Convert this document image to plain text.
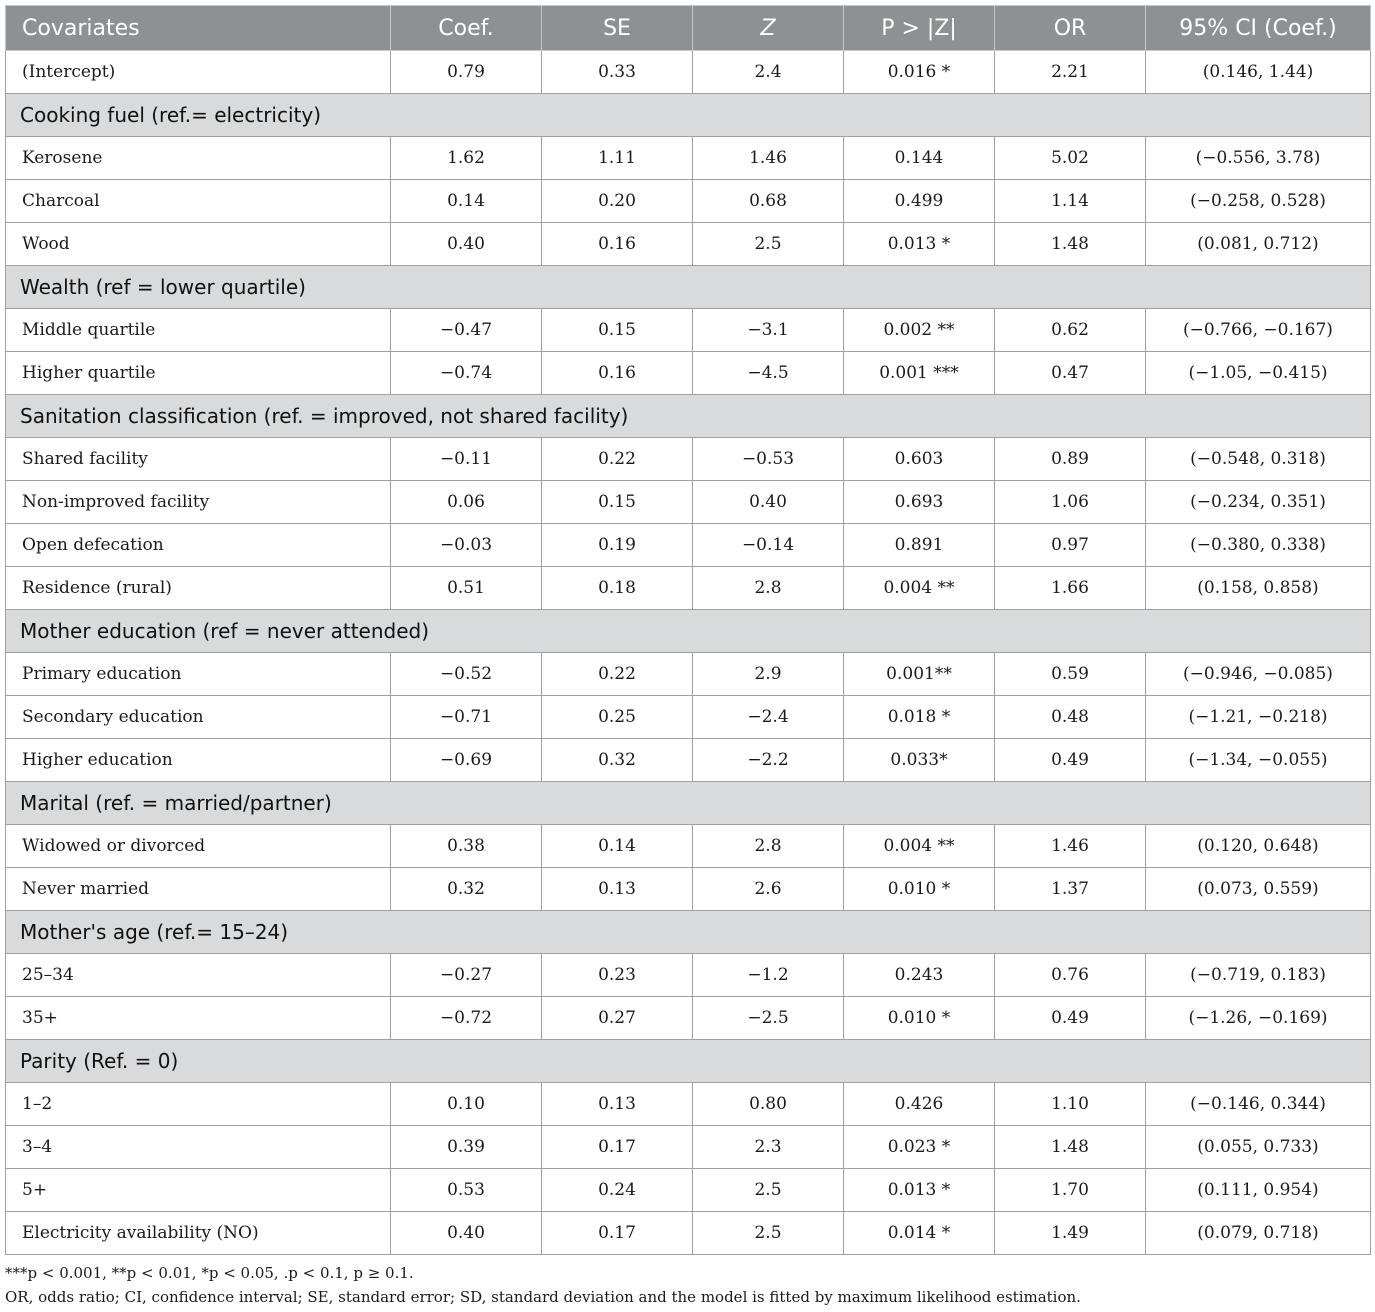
Covariates	Coef.	SE	Z	P > |Z|	OR	95% CI (Coef.)
(Intercept)	0.79	0.33	2.4	0.016 *	2.21	(0.146, 1.44)
Cooking fuel (ref.= electricity)						
Kerosene	1.62	1.11	1.46	0.144	5.02	(−0.556, 3.78)
Charcoal	0.14	0.20	0.68	0.499	1.14	(−0.258, 0.528)
Wood	0.40	0.16	2.5	0.013 *	1.48	(0.081, 0.712)
Wealth (ref = lower quartile)						
Middle quartile	−0.47	0.15	−3.1	0.002 **	0.62	(−0.766, −0.167)
Higher quartile	−0.74	0.16	−4.5	0.001 ***	0.47	(−1.05, −0.415)
Sanitation classification (ref. = improved, not shared facility)						
Shared facility	−0.11	0.22	−0.53	0.603	0.89	(−0.548, 0.318)
Non-improved facility	0.06	0.15	0.40	0.693	1.06	(−0.234, 0.351)
Open defecation	−0.03	0.19	−0.14	0.891	0.97	(−0.380, 0.338)
Residence (rural)	0.51	0.18	2.8	0.004 **	1.66	(0.158, 0.858)
Mother education (ref = never attended)						
Primary education	−0.52	0.22	2.9	0.001**	0.59	(−0.946, −0.085)
Secondary education	−0.71	0.25	−2.4	0.018 *	0.48	(−1.21, −0.218)
Higher education	−0.69	0.32	−2.2	0.033*	0.49	(−1.34, −0.055)
Marital (ref. = married/partner)						
Widowed or divorced	0.38	0.14	2.8	0.004 **	1.46	(0.120, 0.648)
Never married	0.32	0.13	2.6	0.010 *	1.37	(0.073, 0.559)
Mother's age (ref.= 15–24)						
25–34	−0.27	0.23	−1.2	0.243	0.76	(−0.719, 0.183)
35+	−0.72	0.27	−2.5	0.010 *	0.49	(−1.26, −0.169)
Parity (Ref. = 0)						
1–2	0.10	0.13	0.80	0.426	1.10	(−0.146, 0.344)
3–4	0.39	0.17	2.3	0.023 *	1.48	(0.055, 0.733)
5+	0.53	0.24	2.5	0.013 *	1.70	(0.111, 0.954)
Electricity availability (NO)	0.40	0.17	2.5	0.014 *	1.49	(0.079, 0.718)
***p < 0.001, **p < 0.01, *p < 0.05, .p < 0.1, p ≥ 0.1.
OR, odds ratio; CI, confidence interval; SE, standard error; SD, standard deviation and the model is fitted by maximum likelihood estimation.
